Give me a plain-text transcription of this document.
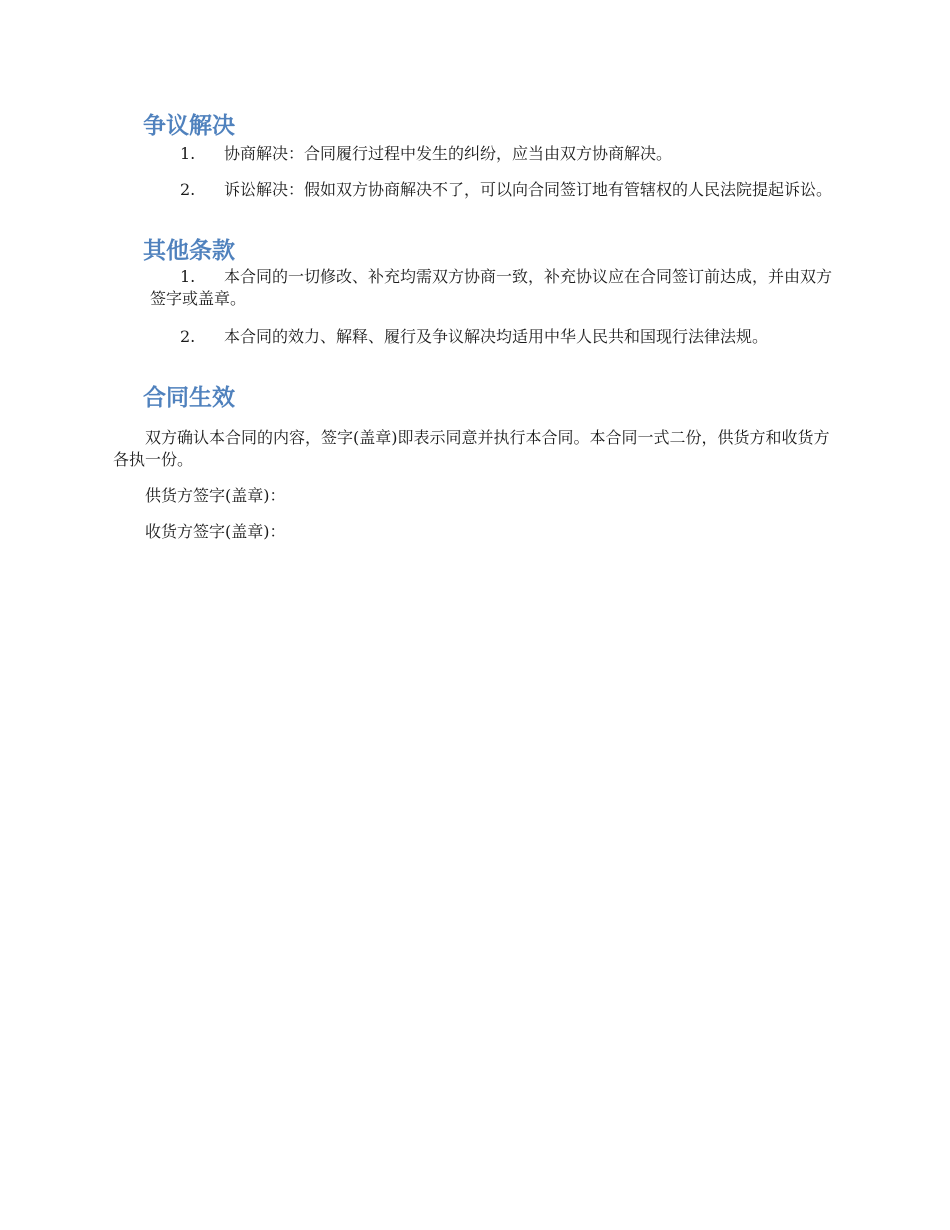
争议解决
1.	协商解决：合同履行过程中发生的纠纷，应当由双方协商解决。
2.	诉讼解决：假如双方协商解决不了，可以向合同签订地有管辖权的人民法院提起诉讼。
其他条款
1.	本合同的一切修改、补充均需双方协商一致，补充协议应在合同签订前达成，并由双方签字或盖章。
2.	本合同的效力、解释、履行及争议解决均适用中华人民共和国现行法律法规。
合同生效

双方确认本合同的内容，签字(盖章)即表示同意并执行本合同。本合同一式二份，供货方和收货方各执一份。

供货方签字(盖章)：

收货方签字(盖章)：
